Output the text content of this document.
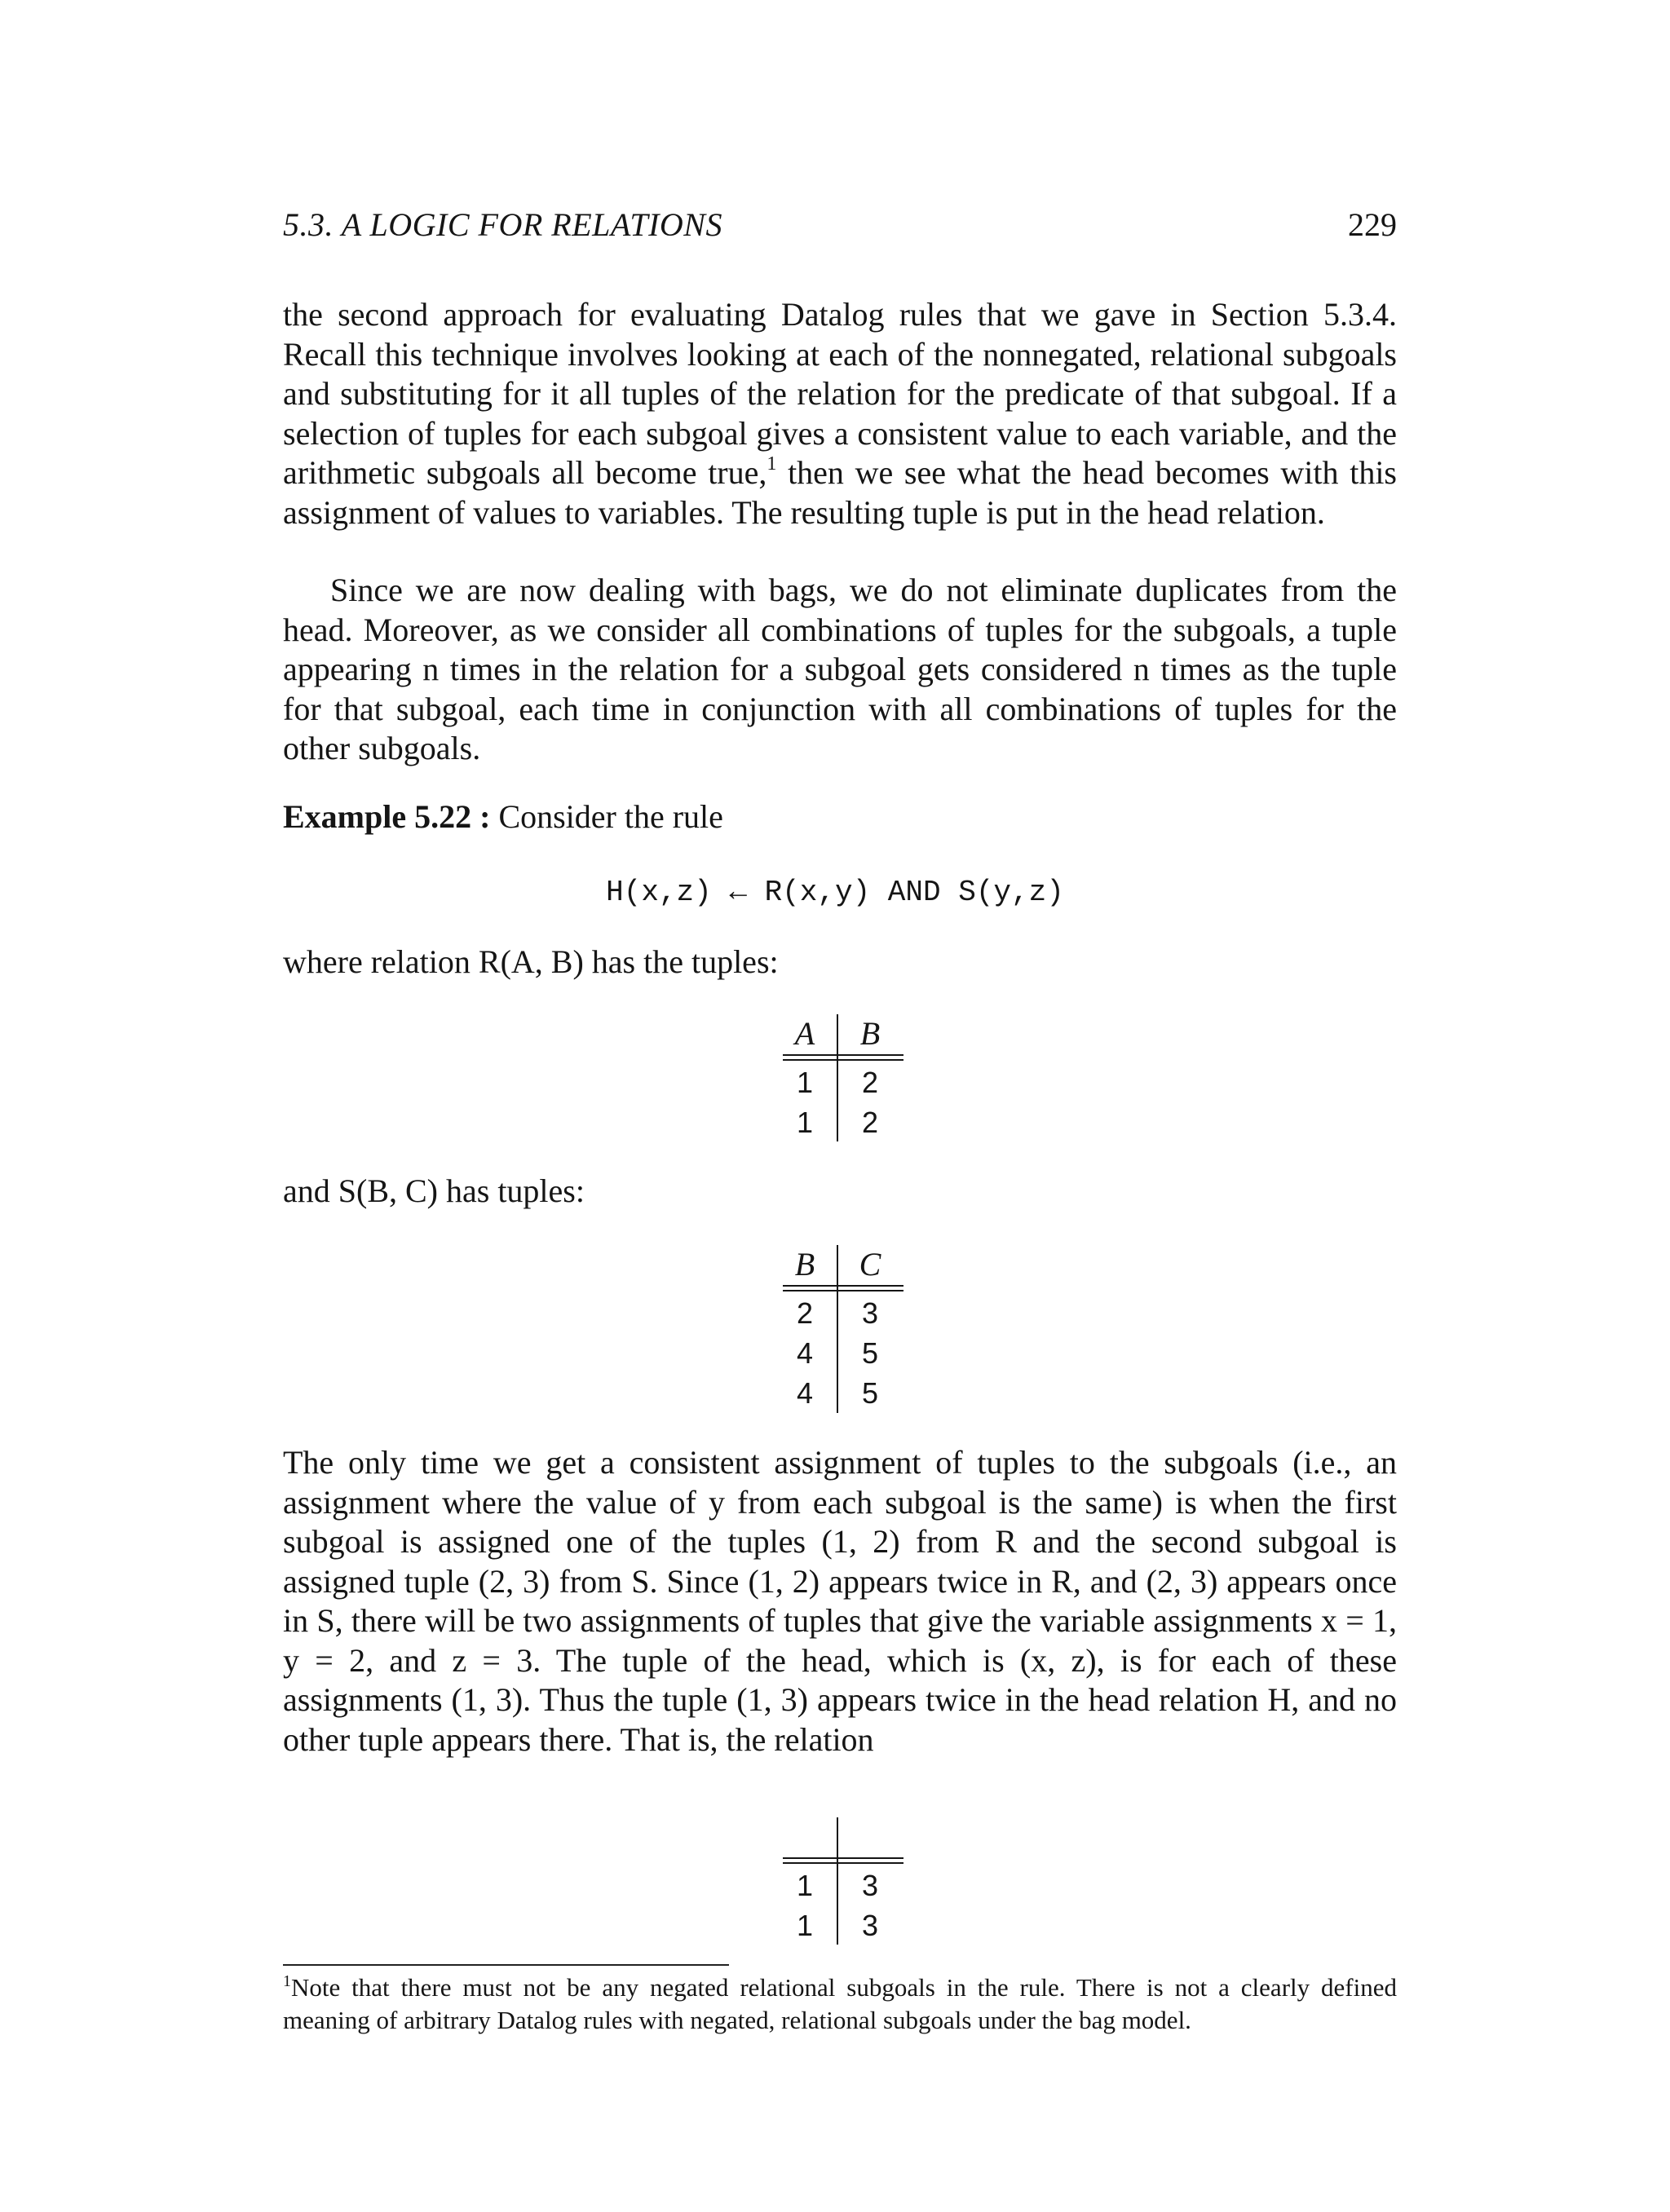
5.3. A LOGIC FOR RELATIONS	229

the second approach for evaluating Datalog rules that we gave in Section 5.3.4. Recall this technique involves looking at each of the nonnegated, relational subgoals and substituting for it all tuples of the relation for the predicate of that subgoal. If a selection of tuples for each subgoal gives a consistent value to each variable, and the arithmetic subgoals all become true,$^1$ then we see what the head becomes with this assignment of values to variables. The resulting tuple is put in the head relation.

Since we are now dealing with bags, we do not eliminate duplicates from the head. Moreover, as we consider all combinations of tuples for the subgoals, a tuple appearing n times in the relation for a subgoal gets considered n times as the tuple for that subgoal, each time in conjunction with all combinations of tuples for the other subgoals.

Example 5.22 : Consider the rule

H(x,z) ← R(x,y) AND S(y,z)

where relation R(A, B) has the tuples:

A B
1 2
1 2

and S(B, C) has tuples:

B C
2 3
4 5
4 5

The only time we get a consistent assignment of tuples to the subgoals (i.e., an assignment where the value of y from each subgoal is the same) is when the first subgoal is assigned one of the tuples (1, 2) from R and the second subgoal is assigned tuple (2, 3) from S. Since (1, 2) appears twice in R, and (2, 3) appears once in S, there will be two assignments of tuples that give the variable assignments x = 1, y = 2, and z = 3. The tuple of the head, which is (x, z), is for each of these assignments (1, 3). Thus the tuple (1, 3) appears twice in the head relation H, and no other tuple appears there. That is, the relation

1 3
1 3

$^1$Note that there must not be any negated relational subgoals in the rule. There is not a clearly defined meaning of arbitrary Datalog rules with negated, relational subgoals under the bag model.
